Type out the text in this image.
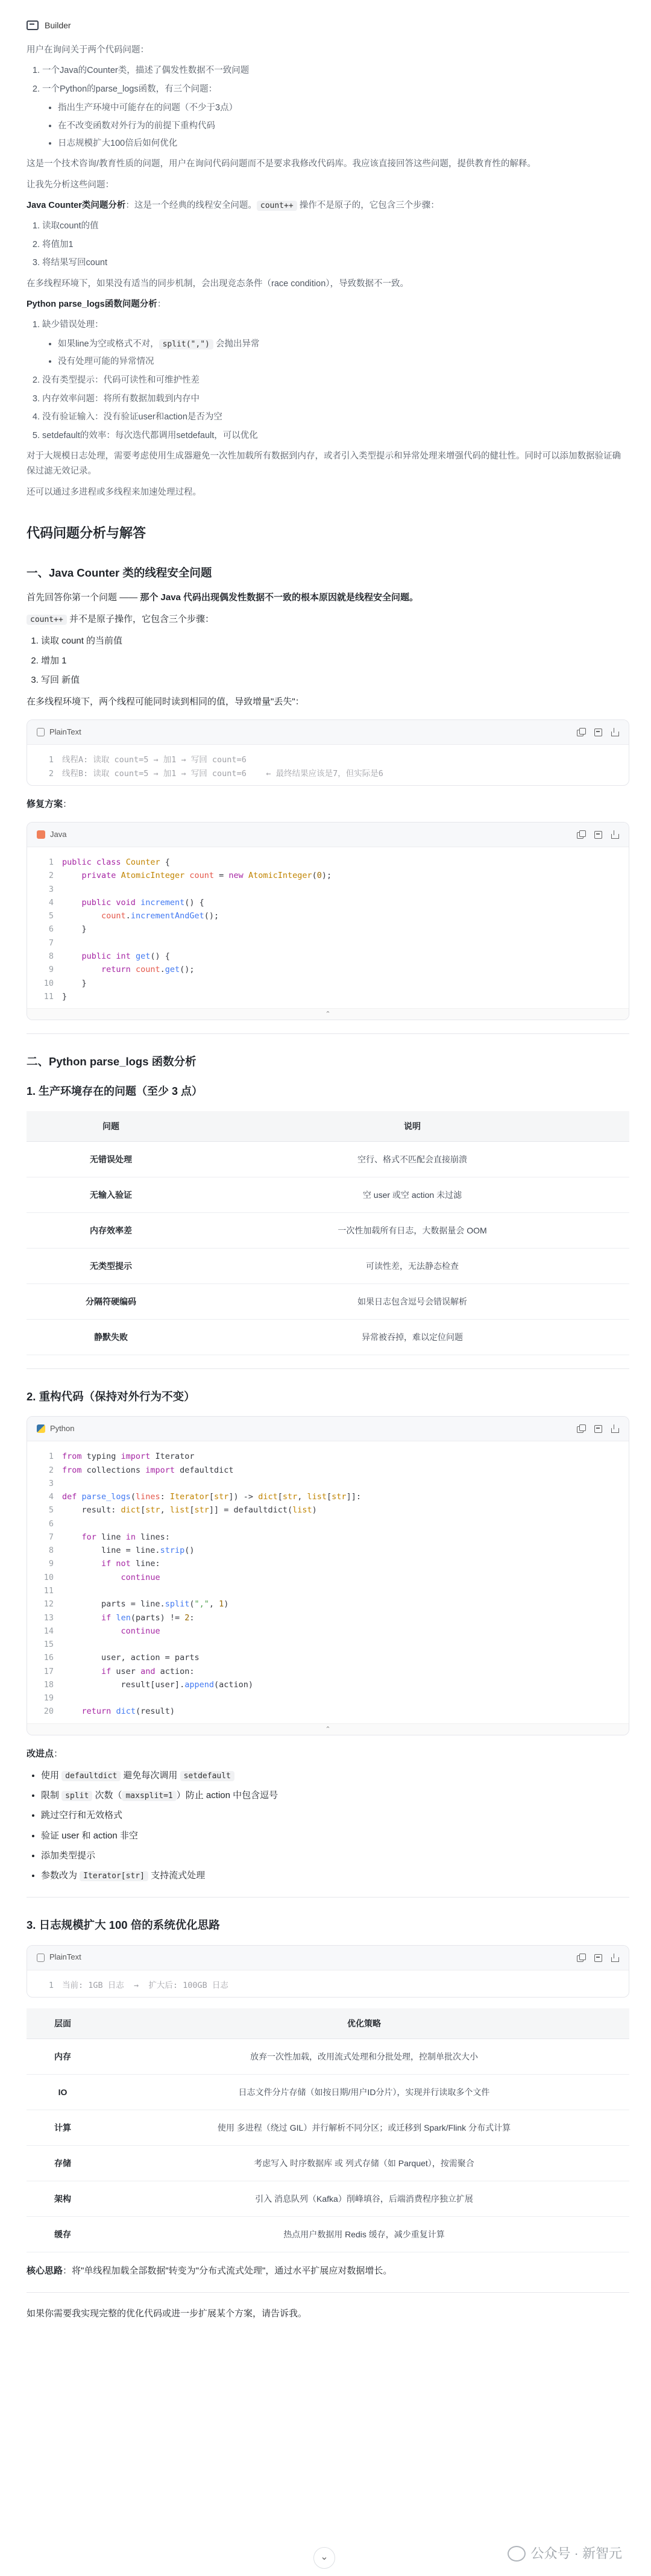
Builder

用户在询问关于两个代码问题：

1. 一个Java的Counter类，描述了偶发性数据不一致问题
2. 一个Python的parse_logs函数，有三个问题：
• 指出生产环境中可能存在的问题（不少于3点）
• 在不改变函数对外行为的前提下重构代码
• 日志规模扩大100倍后如何优化

这是一个技术咨询/教育性质的问题，用户在询问代码问题而不是要求我修改代码库。我应该直接回答这些问题，提供教育性的解释。

让我先分析这些问题：

Java Counter类问题分析：这是一个经典的线程安全问题。 count++ 操作不是原子的，它包含三个步骤：

1. 读取count的值
2. 将值加1
3. 将结果写回count

在多线程环境下，如果没有适当的同步机制，会出现竞态条件（race condition），导致数据不一致。

Python parse_logs函数问题分析：

1. 缺少错误处理：
• 如果line为空或格式不对， split(",") 会抛出异常
• 没有处理可能的异常情况
2. 没有类型提示：代码可读性和可维护性差
3. 内存效率问题：将所有数据加载到内存中
4. 没有验证输入：没有验证user和action是否为空
5. setdefault的效率：每次迭代都调用setdefault，可以优化

对于大规模日志处理，需要考虑使用生成器避免一次性加载所有数据到内存，或者引入类型提示和异常处理来增强代码的健壮性。同时可以添加数据验证确保过滤无效记录。

还可以通过多进程或多线程来加速处理过程。

代码问题分析与解答
一、Java Counter 类的线程安全问题

首先回答你第一个问题 —— 那个 Java 代码出现偶发性数据不一致的根本原因就是线程安全问题。

count++ 并不是原子操作，它包含三个步骤：

1. 读取 count 的当前值
2. 增加 1
3. 写回 新值

在多线程环境下，两个线程可能同时读到相同的值，导致增量"丢失"：

PlainText
1 线程A: 读取 count=5 → 加1 → 写回 count=6
2 线程B: 读取 count=5 → 加1 → 写回 count=6    ← 最终结果应该是7，但实际是6

修复方案：

Java
1 public class Counter {
2	private AtomicInteger count = new AtomicInteger(0);
3
4	public void increment() {
5	count.incrementAndGet();
6	}
7
8	public int get() {
9	return count.get();
10	}
11 }
⌃
二、Python parse_logs 函数分析
1. 生产环境存在的问题（至少 3 点）
问题	说明
无错误处理	空行、格式不匹配会直接崩溃
无输入验证	空 user 或空 action 未过滤
内存效率差	一次性加载所有日志，大数据量会 OOM
无类型提示	可读性差，无法静态检查
分隔符硬编码	如果日志包含逗号会错误解析
静默失败	异常被吞掉，难以定位问题
2. 重构代码（保持对外行为不变）
Python
1 from typing import Iterator
2 from collections import defaultdict
3
4 def parse_logs(lines: Iterator[str]) -> dict[str, list[str]]:
5    result: dict[str, list[str]] = defaultdict(list)
6
7	for line in lines:
8        line = line.strip()
9	if not line:
10	continue
11
12        parts = line.split(",", 1)
13	if len(parts) != 2:
14	continue
15
16	user, action = parts
17	if user and action:
18            result[user].append(action)
19
20	return dict(result)
⌃

改进点：

• 使用 defaultdict 避免每次调用 setdefault
• 限制 split 次数（ maxsplit=1 ）防止 action 中包含逗号
• 跳过空行和无效格式
• 验证 user 和 action 非空
• 添加类型提示
• 参数改为 Iterator[str] 支持流式处理
3. 日志规模扩大 100 倍的系统优化思路
PlainText
1 当前: 1GB 日志  →  扩大后: 100GB 日志
层面	优化策略
内存	放弃一次性加载，改用流式处理和分批处理，控制单批次大小
IO	日志文件分片存储（如按日期/用户ID分片），实现并行读取多个文件
计算	使用 多进程（绕过 GIL）并行解析不同分区；或迁移到 Spark/Flink 分布式计算
存储	考虑写入 时序数据库 或 列式存储（如 Parquet），按需聚合
架构	引入 消息队列（Kafka）削峰填谷，后端消费程序独立扩展
缓存	热点用户数据用 Redis 缓存，减少重复计算

核心思路：将"单线程加载全部数据"转变为"分布式流式处理"，通过水平扩展应对数据增长。

如果你需要我实现完整的优化代码或进一步扩展某个方案，请告诉我。

⌄	公众号 · 新智元
